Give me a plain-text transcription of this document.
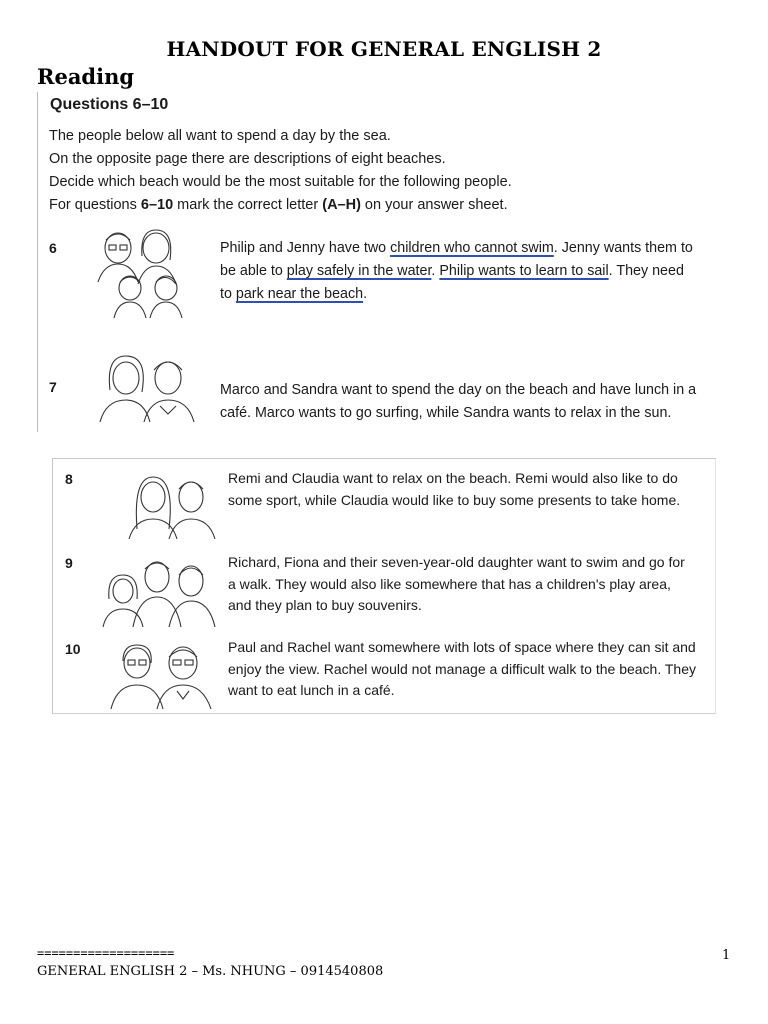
HANDOUT FOR GENERAL ENGLISH 2
Reading
Questions 6–10
The people below all want to spend a day by the sea.
On the opposite page there are descriptions of eight beaches.
Decide which beach would be the most suitable for the following people.
For questions 6–10 mark the correct letter (A–H) on your answer sheet.
6	Philip and Jenny have two children who cannot swim. Jenny wants them to
be able to play safely in the water. Philip wants to learn to sail. They need
to park near the beach.
7	Marco and Sandra want to spend the day on the beach and have lunch in a
café. Marco wants to go surfing, while Sandra wants to relax in the sun.
8	Remi and Claudia want to relax on the beach. Remi would also like to do
some sport, while Claudia would like to buy some presents to take home.
9	Richard, Fiona and their seven-year-old daughter want to swim and go for
a walk. They would also like somewhere that has a children's play area,
and they plan to buy souvenirs.
10	Paul and Rachel want somewhere with lots of space where they can sit and
enjoy the view. Rachel would not manage a difficult walk to the beach. They
want to eat lunch in a café.
===================
GENERAL ENGLISH 2 – Ms. NHUNG – 0914540808
1
